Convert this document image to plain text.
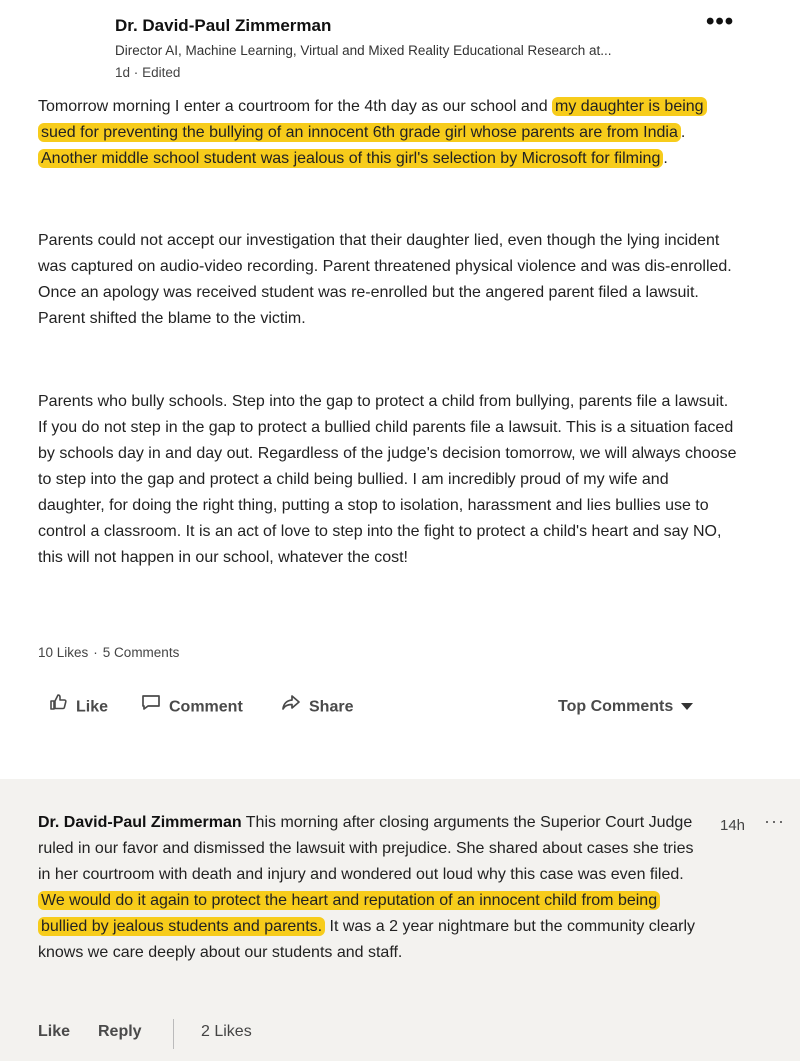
Dr. David-Paul Zimmerman
Director AI, Machine Learning, Virtual and Mixed Reality Educational Research at...
1d · Edited
•••
Tomorrow morning I enter a courtroom for the 4th day as our school and my daughter is being sued for preventing the bullying of an innocent 6th grade girl whose parents are from India . Another middle school student was jealous of this girl's selection by Microsoft for filming .
Parents could not accept our investigation that their daughter lied, even though the lying incident was captured on audio-video recording. Parent threatened physical violence and was dis-enrolled. Once an apology was received student was re-enrolled but the angered parent filed a lawsuit. Parent shifted the blame to the victim.
Parents who bully schools. Step into the gap to protect a child from bullying, parents file a lawsuit. If you do not step in the gap to protect a bullied child parents file a lawsuit. This is a situation faced by schools day in and day out. Regardless of the judge's decision tomorrow, we will always choose to step into the gap and protect a child being bullied. I am incredibly proud of my wife and daughter, for doing the right thing, putting a stop to isolation, harassment and lies bullies use to control a classroom. It is an act of love to step into the fight to protect a child's heart and say NO, this will not happen in our school, whatever the cost!
10 Likes · 5 Comments
Like	Comment	Share	Top Comments
Dr. David-Paul Zimmerman This morning after closing arguments the Superior Court Judge ruled in our favor and dismissed the lawsuit with prejudice. She shared about cases she tries in her courtroom with death and injury and wondered out loud why this case was even filed. We would do it again to protect the heart and reputation of an innocent child from being bullied by jealous students and parents. It was a 2 year nightmare but the community clearly knows we care deeply about our students and staff.
14h ···
Like Reply	2 Likes
